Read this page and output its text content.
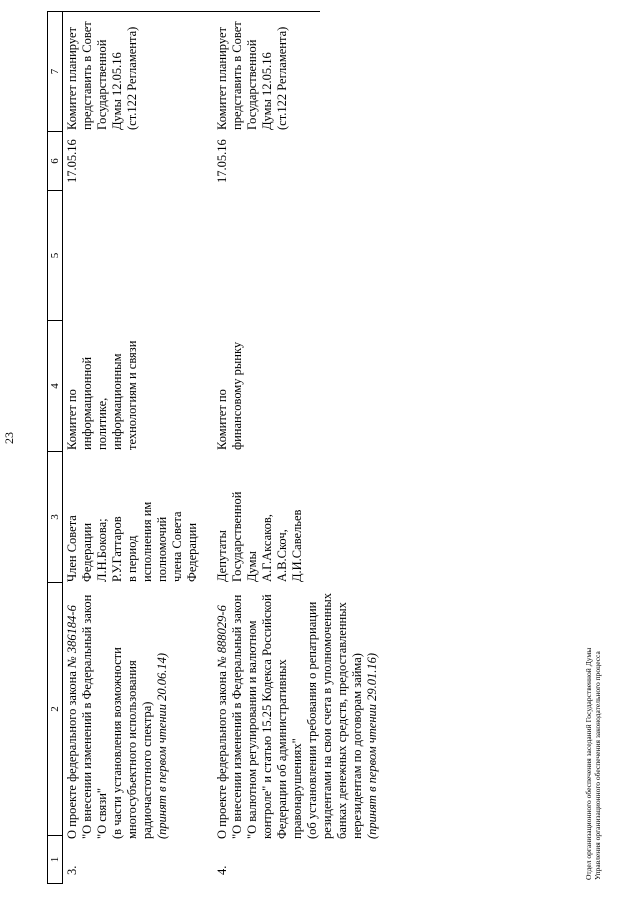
23
1
2
3
4
5
6
7
3.
О проекте федерального закона № 386184-6 "О внесении изменений в Федеральный закон "О связи" (в части установления возможности многосубъектного использования радиочастотного спектра) (принят в первом чтении 20.06.14)
Член Совета Федерации Л.Н.Бокова; Р.У.Гаттаров в период исполнения им полномочий члена Совета Федерации
Комитет по информационной политике, информационным технологиям и связи
17.05.16
Комитет планирует представить в Совет Государственной Думы 12.05.16 (ст.122 Регламента)
4.
О проекте федерального закона № 888029-6 "О внесении изменений в Федеральный закон "О валютном регулировании и валютном контроле" и статью 15.25 Кодекса Российской Федерации об административных правонарушениях" (об установлении требования о репатриации резидентами на свои счета в уполномоченных банках денежных средств, предоставленных нерезидентам по договорам займа) (принят в первом чтении 29.01.16)
Депутаты Государственной Думы А.Г.Аксаков, А.В.Скоч, Д.И.Савельев
Комитет по финансовому рынку
17.05.16
Комитет планирует представить в Совет Государственной Думы 12.05.16 (ст.122 Регламента)
Отдел организационного обеспечения заседаний Государственной Думы Управления организационного обеспечения законодательного процесса
